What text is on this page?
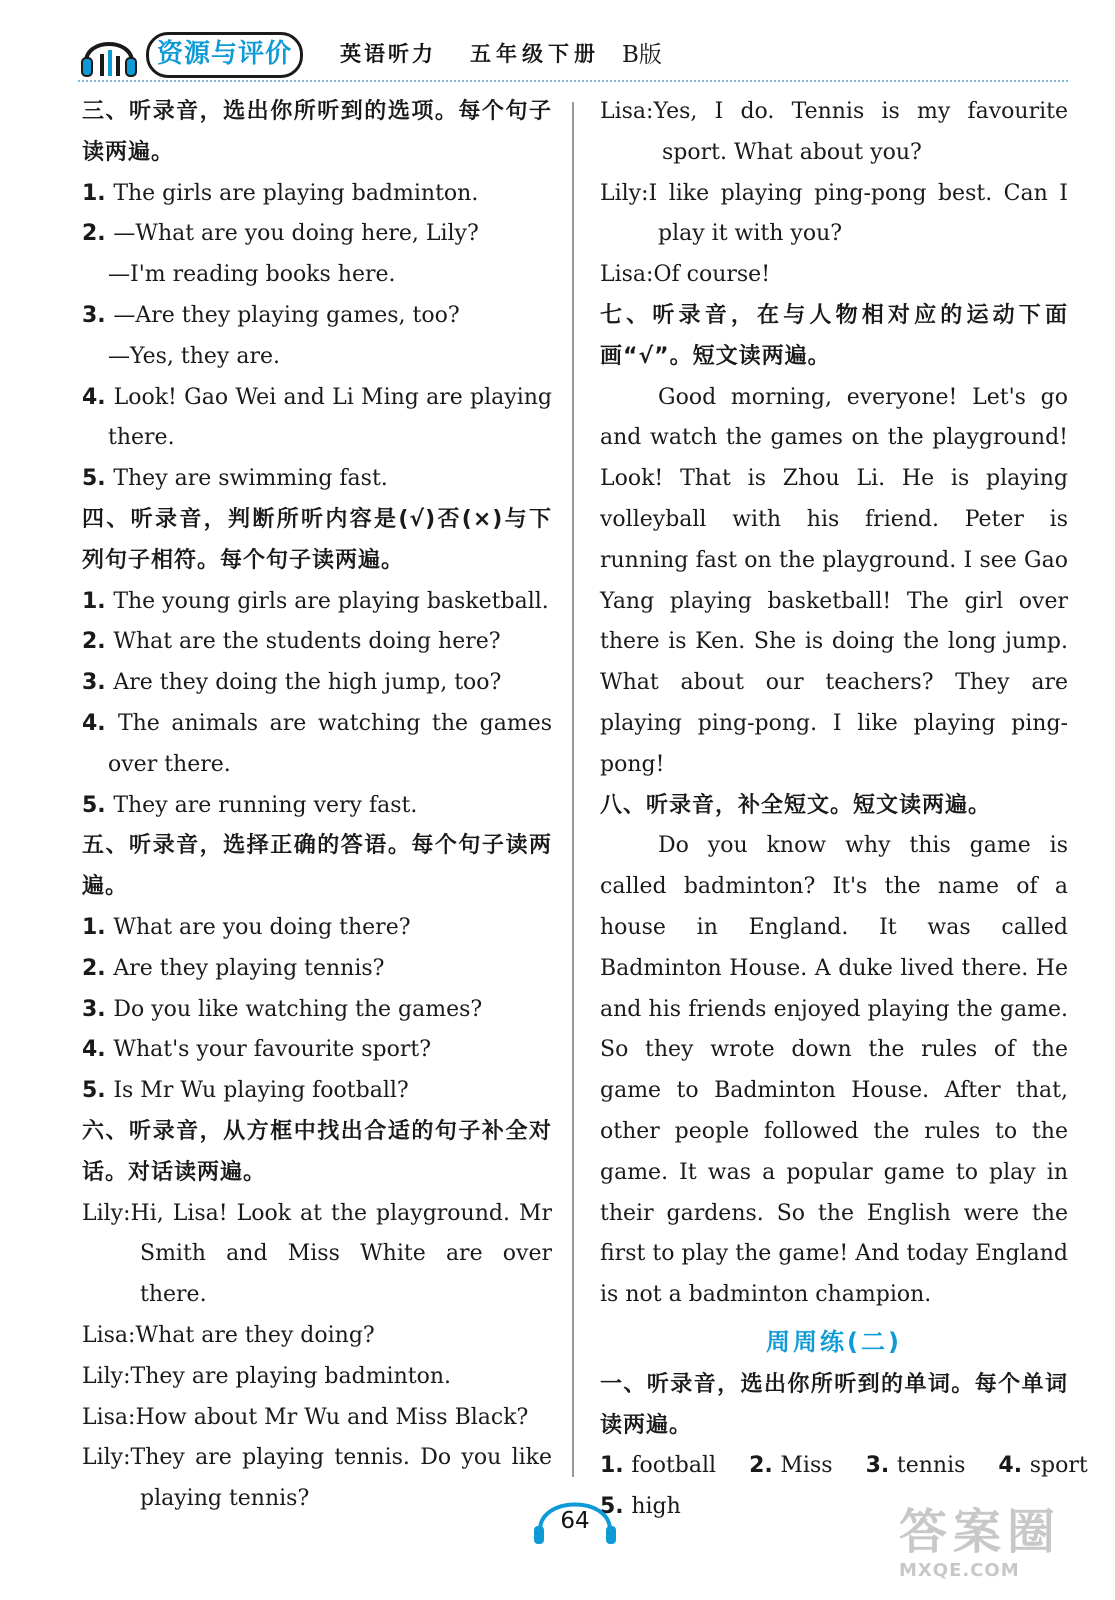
资源与评价	英语听力 五年级下册 B版
三、听录音，选出你所听到的选项。每个句子读两遍。
1. The girls are playing badminton.
2. —What are you doing here, Lily?
—I'm reading books here.
3. —Are they playing games, too?
—Yes, they are.
4. Look! Gao Wei and Li Ming are playing there.
5. They are swimming fast.
四、听录音，判断所听内容是(√)否(×)与下列句子相符。每个句子读两遍。
1. The young girls are playing basketball.
2. What are the students doing here?
3. Are they doing the high jump, too?
4. The animals are watching the games over there.
5. They are running very fast.
五、听录音，选择正确的答语。每个句子读两遍。
1. What are you doing there?
2. Are they playing tennis?
3. Do you like watching the games?
4. What's your favourite sport?
5. Is Mr Wu playing football?
六、听录音，从方框中找出合适的句子补全对话。对话读两遍。
Lily:Hi, Lisa! Look at the playground. Mr Smith and Miss White are over there.
Lisa:What are they doing?
Lily:They are playing badminton.
Lisa:How about Mr Wu and Miss Black?
Lily:They are playing tennis. Do you like playing tennis?
Lisa:Yes, I do. Tennis is my favourite sport. What about you?
Lily:I like playing ping-pong best. Can I play it with you?
Lisa:Of course!
七、听录音，在与人物相对应的运动下面画“√”。短文读两遍。
Good morning, everyone! Let's go and watch the games on the playground! Look! That is Zhou Li. He is playing volleyball with his friend. Peter is running fast on the playground. I see Gao Yang playing basketball! The girl over there is Ken. She is doing the long jump. What about our teachers? They are playing ping-pong. I like playing ping-pong!
八、听录音，补全短文。短文读两遍。
Do you know why this game is called badminton? It's the name of a house in England. It was called Badminton House. A duke lived there. He and his friends enjoyed playing the game. So they wrote down the rules of the game to Badminton House. After that, other people followed the rules to the game. It was a popular game to play in their gardens. So the English were the first to play the game! And today England is not a badminton champion.
周周练(二)
一、听录音，选出你所听到的单词。每个单词读两遍。
1. football 2. Miss 3. tennis 4. sport
5. high
64	答案圈
MXQE.COM
